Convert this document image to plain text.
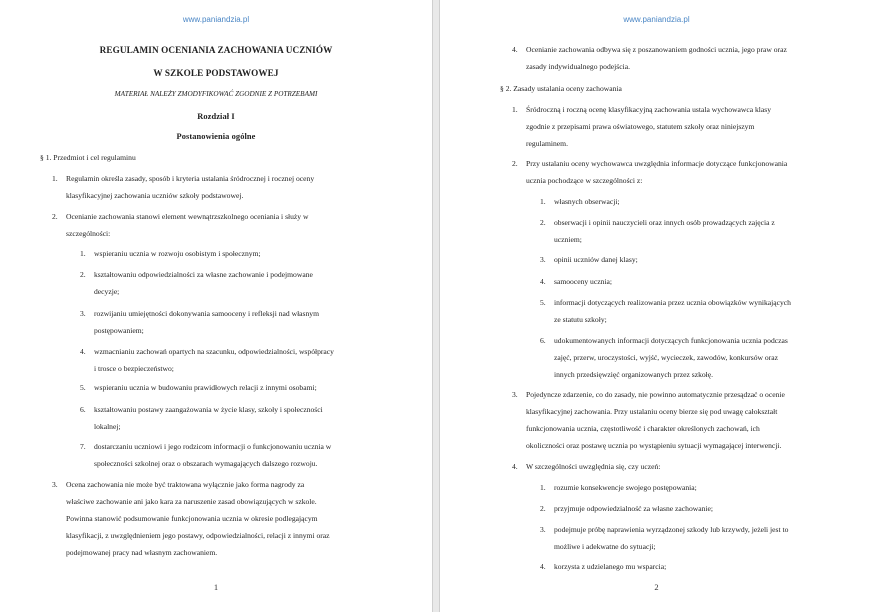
www.paniandzia.pl
REGULAMIN OCENIANIA ZACHOWANIA UCZNIÓW
W SZKOLE PODSTAWOWEJ
MATERIAŁ NALEŻY ZMODYFIKOWAĆ ZGODNIE Z POTRZEBAMI
Rozdział I
Postanowienia ogólne
§ 1. Przedmiot i cel regulaminu
1. Regulamin określa zasady, sposób i kryteria ustalania śródrocznej i rocznej oceny
klasyfikacyjnej zachowania uczniów szkoły podstawowej.
2. Ocenianie zachowania stanowi element wewnątrzszkolnego oceniania i służy w
szczególności:
1. wspieraniu ucznia w rozwoju osobistym i społecznym;
2. kształtowaniu odpowiedzialności za własne zachowanie i podejmowane
decyzje;
3. rozwijaniu umiejętności dokonywania samooceny i refleksji nad własnym
postępowaniem;
4. wzmacnianiu zachowań opartych na szacunku, odpowiedzialności, współpracy
i trosce o bezpieczeństwo;
5. wspieraniu ucznia w budowaniu prawidłowych relacji z innymi osobami;
6. kształtowaniu postawy zaangażowania w życie klasy, szkoły i społeczności
lokalnej;
7. dostarczaniu uczniowi i jego rodzicom informacji o funkcjonowaniu ucznia w
społeczności szkolnej oraz o obszarach wymagających dalszego rozwoju.
3. Ocena zachowania nie może być traktowana wyłącznie jako forma nagrody za
właściwe zachowanie ani jako kara za naruszenie zasad obowiązujących w szkole.
Powinna stanowić podsumowanie funkcjonowania ucznia w okresie podlegającym
klasyfikacji, z uwzględnieniem jego postawy, odpowiedzialności, relacji z innymi oraz
podejmowanej pracy nad własnym zachowaniem.
1
www.paniandzia.pl
4. Ocenianie zachowania odbywa się z poszanowaniem godności ucznia, jego praw oraz
zasady indywidualnego podejścia.
§ 2. Zasady ustalania oceny zachowania
1. Śródroczną i roczną ocenę klasyfikacyjną zachowania ustala wychowawca klasy
zgodnie z przepisami prawa oświatowego, statutem szkoły oraz niniejszym
regulaminem.
2. Przy ustalaniu oceny wychowawca uwzględnia informacje dotyczące funkcjonowania
ucznia pochodzące w szczególności z:
1. własnych obserwacji;
2. obserwacji i opinii nauczycieli oraz innych osób prowadzących zajęcia z
uczniem;
3. opinii uczniów danej klasy;
4. samooceny ucznia;
5. informacji dotyczących realizowania przez ucznia obowiązków wynikających
ze statutu szkoły;
6. udokumentowanych informacji dotyczących funkcjonowania ucznia podczas
zajęć, przerw, uroczystości, wyjść, wycieczek, zawodów, konkursów oraz
innych przedsięwzięć organizowanych przez szkołę.
3. Pojedyncze zdarzenie, co do zasady, nie powinno automatycznie przesądzać o ocenie
klasyfikacyjnej zachowania. Przy ustalaniu oceny bierze się pod uwagę całokształt
funkcjonowania ucznia, częstotliwość i charakter określonych zachowań, ich
okoliczności oraz postawę ucznia po wystąpieniu sytuacji wymagającej interwencji.
4. W szczególności uwzględnia się, czy uczeń:
1. rozumie konsekwencje swojego postępowania;
2. przyjmuje odpowiedzialność za własne zachowanie;
3. podejmuje próbę naprawienia wyrządzonej szkody lub krzywdy, jeżeli jest to
możliwe i adekwatne do sytuacji;
4. korzysta z udzielanego mu wsparcia;
2
